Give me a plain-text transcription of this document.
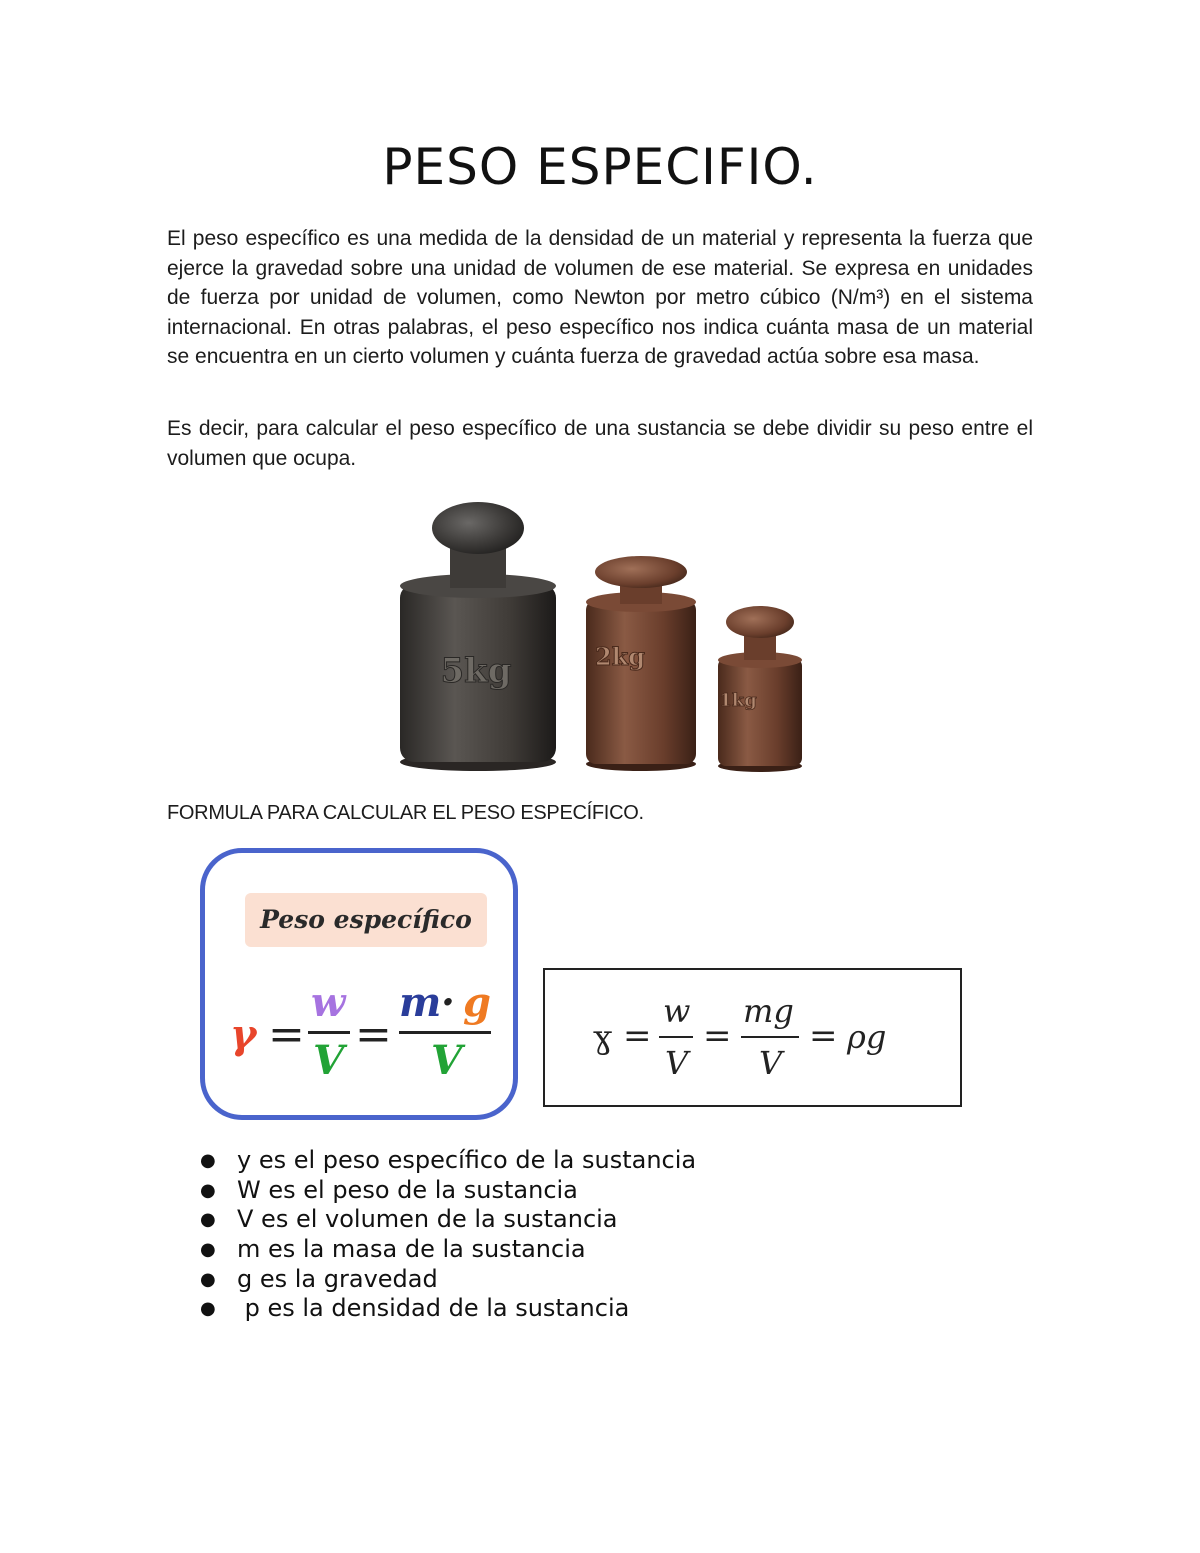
PESO ESPECIFIO.

El peso específico es una medida de la densidad de un material y representa la fuerza que ejerce la gravedad sobre una unidad de volumen de ese material. Se expresa en unidades de fuerza por unidad de volumen, como Newton por metro cúbico (N/m³) en el sistema internacional. En otras palabras, el peso específico nos indica cuánta masa de un material se encuentra en un cierto volumen y cuánta fuerza de gravedad actúa sobre esa masa.

Es decir, para calcular el peso específico de una sustancia se debe dividir su peso entre el volumen que ocupa.

5kg	2kg
1kg

FORMULA PARA CALCULAR EL PESO ESPECÍFICO.

Peso específico
γ =
w
V
=
m · g
V	ɣ =
w
V
=
mg
V
= ρg
● y es el peso específico de la sustancia
● W es el peso de la sustancia
● V es el volumen de la sustancia
● m es la masa de la sustancia
● g es la gravedad
● p es la densidad de la sustancia
